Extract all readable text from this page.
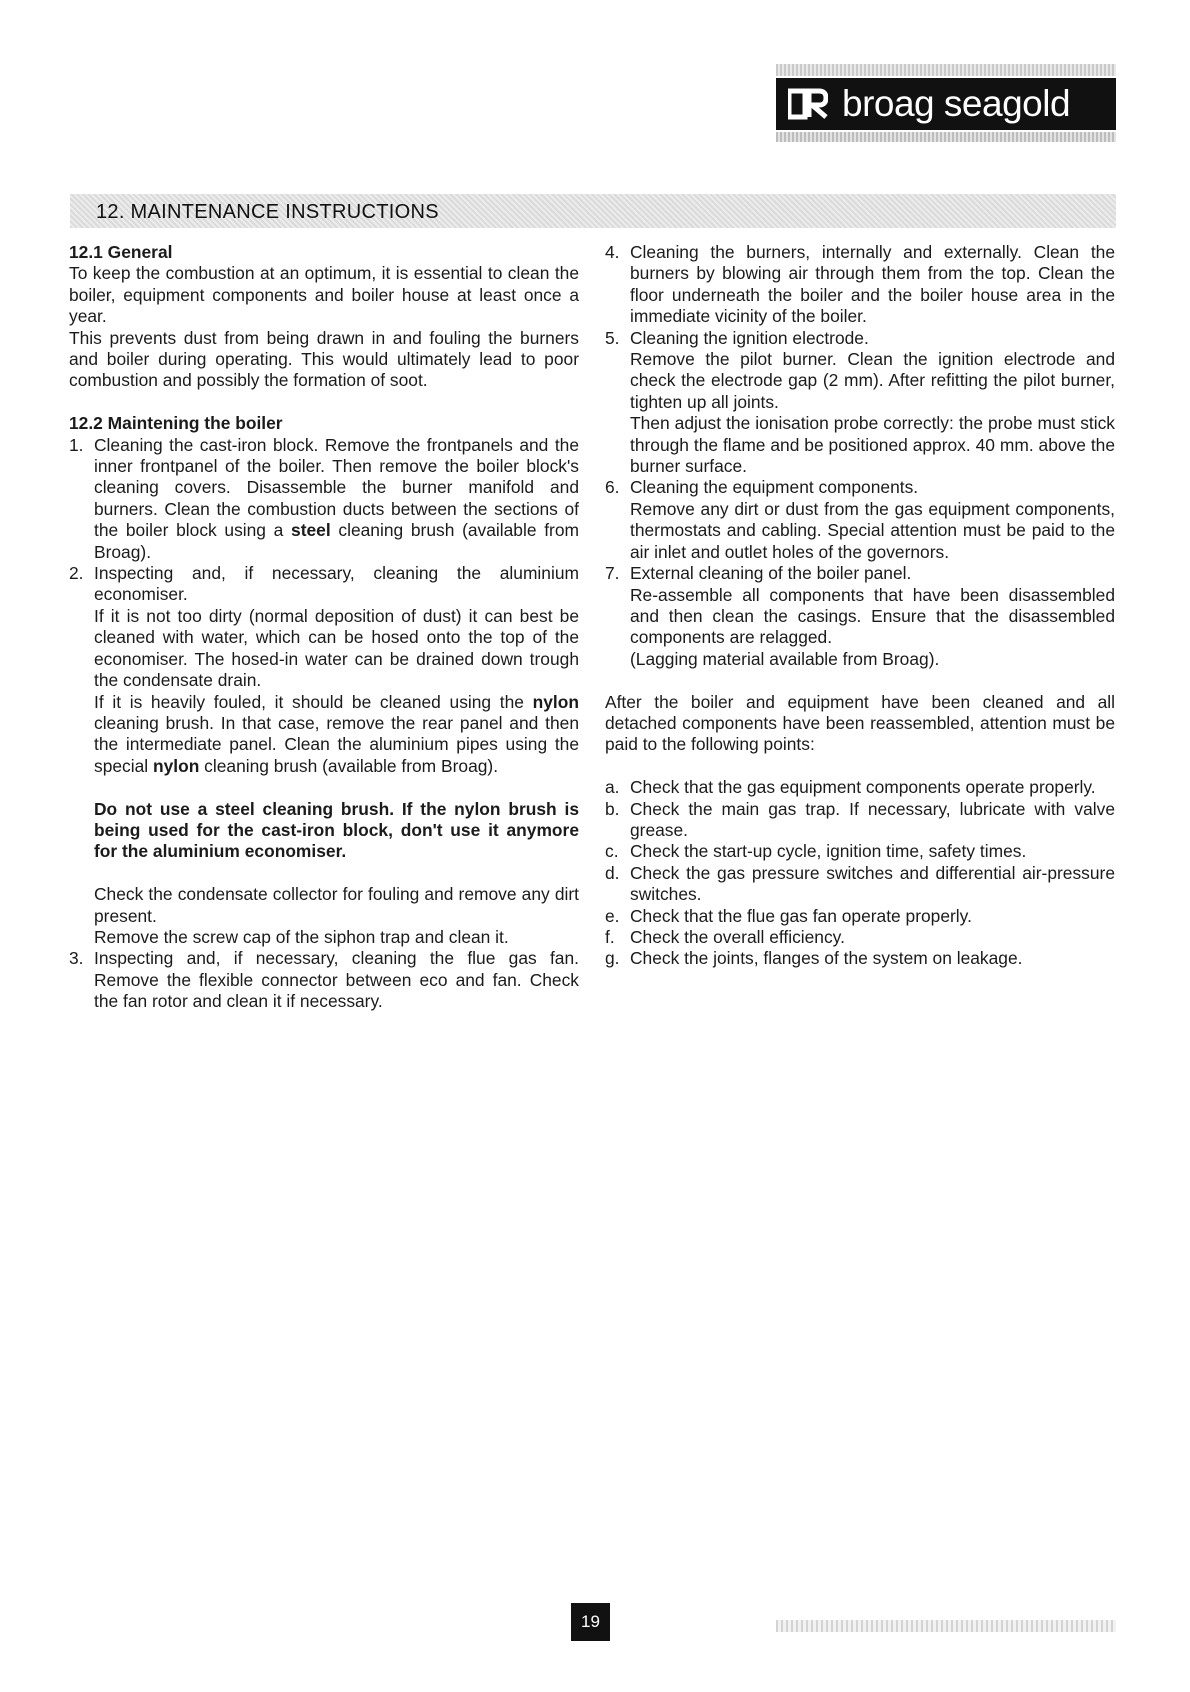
broag seagold
12. MAINTENANCE INSTRUCTIONS

12.1 General

To keep the combustion at an optimum, it is essential to clean the boiler, equipment components and boiler house at least once a year.

This prevents dust from being drawn in and fouling the burners and boiler during operating. This would ultimately lead to poor combustion and possibly the formation of soot.

12.2 Maintening the boiler

1. Cleaning the cast-iron block. Remove the frontpanels and the inner frontpanel of the boiler. Then remove the boiler block's cleaning covers. Disassemble the burner manifold and burners. Clean the combustion ducts between the sections of the boiler block using a steel cleaning brush (available from Broag).

2. Inspecting and, if necessary, cleaning the aluminium economiser.

If it is not too dirty (normal deposition of dust) it can best be cleaned with water, which can be hosed onto the top of the economiser. The hosed-in water can be drained down trough the condensate drain.

If it is heavily fouled, it should be cleaned using the nylon cleaning brush. In that case, remove the rear panel and then the intermediate panel. Clean the aluminium pipes using the special nylon cleaning brush (available from Broag).

Do not use a steel cleaning brush. If the nylon brush is being used for the cast-iron block, don't use it anymore for the aluminium economiser.

Check the condensate collector for fouling and remove any dirt present.

Remove the screw cap of the siphon trap and clean it.

3. Inspecting and, if necessary, cleaning the flue gas fan. Remove the flexible connector between eco and fan. Check the fan rotor and clean it if necessary.

4. Cleaning the burners, internally and externally. Clean the burners by blowing air through them from the top. Clean the floor underneath the boiler and the boiler house area in the immediate vicinity of the boiler.

5. Cleaning the ignition electrode.

Remove the pilot burner. Clean the ignition electrode and check the electrode gap (2 mm). After refitting the pilot burner, tighten up all joints.

Then adjust the ionisation probe correctly: the probe must stick through the flame and be positioned approx. 40 mm. above the burner surface.

6. Cleaning the equipment components.

Remove any dirt or dust from the gas equipment components, thermostats and cabling. Special attention must be paid to the air inlet and outlet holes of the governors.

7. External cleaning of the boiler panel.

Re-assemble all components that have been disassembled and then clean the casings. Ensure that the disassembled components are relagged.

(Lagging material available from Broag).

After the boiler and equipment have been cleaned and all detached components have been reassembled, attention must be paid to the following points:

a. Check that the gas equipment components operate properly.

b. Check the main gas trap. If necessary, lubricate with valve grease.

c. Check the start-up cycle, ignition time, safety times.

d. Check the gas pressure switches and differential air-pressure switches.

e. Check that the flue gas fan operate properly.

f. Check the overall efficiency.

g. Check the joints, flanges of the system on leakage.

19
